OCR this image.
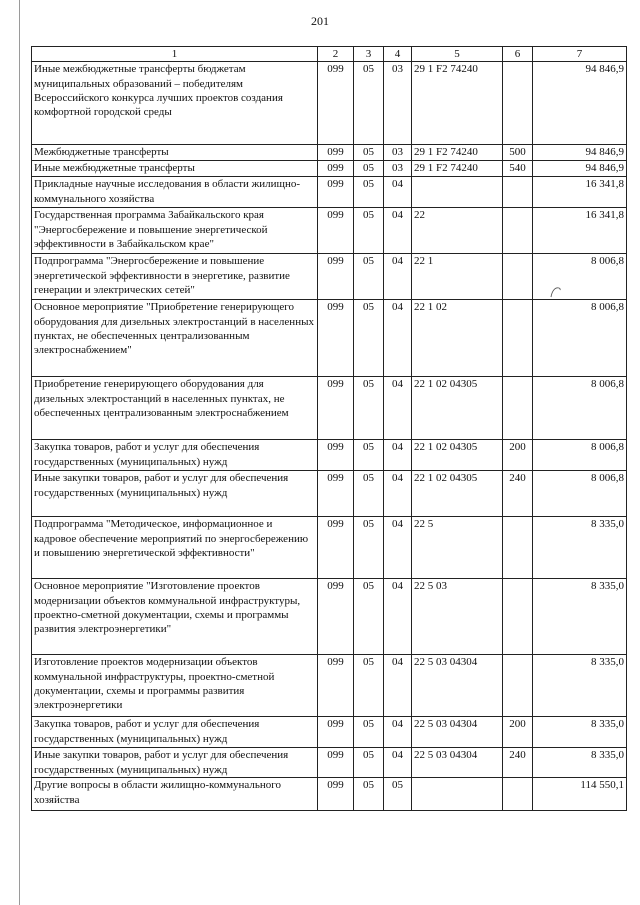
201
1	2	3	4	5	6	7
Иные межбюджетные трансферты бюджетам муниципальных образований – победителям Всероссийского конкурса лучших проектов создания комфортной городской среды	099	05	03	29 1 F2 74240		94 846,9
Межбюджетные трансферты	099	05	03	29 1 F2 74240	500	94 846,9
Иные межбюджетные трансферты	099	05	03	29 1 F2 74240	540	94 846,9
Прикладные научные исследования в области жилищно-коммунального хозяйства	099	05	04			16 341,8
Государственная программа Забайкальского края "Энергосбережение и повышение энергетической эффективности в Забайкальском крае"	099	05	04	22		16 341,8
Подпрограмма "Энергосбережение и повышение энергетической эффективности в энергетике, развитие генерации и электрических сетей"	099	05	04	22 1		8 006,8
Основное мероприятие "Приобретение генерирующего оборудования для дизельных электростанций в населенных пунктах, не обеспеченных централизованным электроснабжением"	099	05	04	22 1 02		8 006,8
Приобретение генерирующего оборудования для дизельных электростанций в населенных пунктах, не обеспеченных централизованным электроснабжением	099	05	04	22 1 02 04305		8 006,8
Закупка товаров, работ и услуг для обеспечения государственных (муниципальных) нужд	099	05	04	22 1 02 04305	200	8 006,8
Иные закупки товаров, работ и услуг для обеспечения государственных (муниципальных) нужд	099	05	04	22 1 02 04305	240	8 006,8
Подпрограмма "Методическое, информационное и кадровое обеспечение мероприятий по энергосбережению и повышению энергетической эффективности"	099	05	04	22 5		8 335,0
Основное мероприятие "Изготовление проектов модернизации объектов коммунальной инфраструктуры, проектно-сметной документации, схемы и программы развития электроэнергетики"	099	05	04	22 5 03		8 335,0
Изготовление проектов модернизации объектов коммунальной инфраструктуры, проектно-сметной документации, схемы и программы развития электроэнергетики	099	05	04	22 5 03 04304		8 335,0
Закупка товаров, работ и услуг для обеспечения государственных (муниципальных) нужд	099	05	04	22 5 03 04304	200	8 335,0
Иные закупки товаров, работ и услуг для обеспечения государственных (муниципальных) нужд	099	05	04	22 5 03 04304	240	8 335,0
Другие вопросы в области жилищно-коммунального хозяйства	099	05	05			114 550,1
